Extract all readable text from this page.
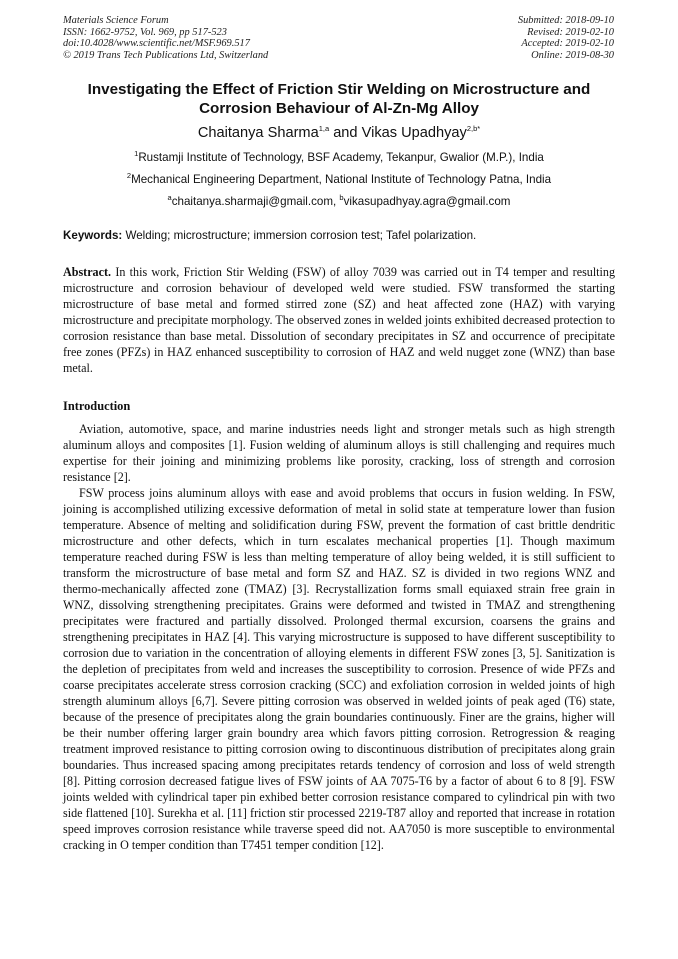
Materials Science Forum
ISSN: 1662-9752, Vol. 969, pp 517-523
doi:10.4028/www.scientific.net/MSF.969.517
© 2019 Trans Tech Publications Ltd, Switzerland
Submitted: 2018-09-10
Revised: 2019-02-10
Accepted: 2019-02-10
Online: 2019-08-30
Investigating the Effect of Friction Stir Welding on Microstructure and
Corrosion Behaviour of Al-Zn-Mg Alloy
Chaitanya Sharma$^{1,a}$ and Vikas Upadhyay$^{2,b*}$
$^1$Rustamji Institute of Technology, BSF Academy, Tekanpur, Gwalior (M.P.), India
$^2$Mechanical Engineering Department, National Institute of Technology Patna, India
$^a$chaitanya.sharmaji@gmail.com, $^b$vikasupadhyay.agra@gmail.com
Keywords: Welding; microstructure; immersion corrosion test; Tafel polarization.
Abstract. In this work, Friction Stir Welding (FSW) of alloy 7039 was carried out in T4 temper and resulting microstructure and corrosion behaviour of developed weld were studied. FSW transformed the starting microstructure of base metal and formed stirred zone (SZ) and heat affected zone (HAZ) with varying microstructure and precipitate morphology. The observed zones in welded joints exhibited decreased protection to corrosion resistance than base metal. Dissolution of secondary precipitates in SZ and occurrence of precipitate free zones (PFZs) in HAZ enhanced susceptibility to corrosion of HAZ and weld nugget zone (WNZ) than base metal.
Introduction
Aviation, automotive, space, and marine industries needs light and stronger metals such as high strength aluminum alloys and composites [1]. Fusion welding of aluminum alloys is still challenging and requires much expertise for their joining and minimizing problems like porosity, cracking, loss of strength and corrosion resistance [2].
FSW process joins aluminum alloys with ease and avoid problems that occurs in fusion welding. In FSW, joining is accomplished utilizing excessive deformation of metal in solid state at temperature lower than fusion temperature. Absence of melting and solidification during FSW, prevent the formation of cast brittle dendritic microstructure and other defects, which in turn escalates mechanical properties [1]. Though maximum temperature reached during FSW is less than melting temperature of alloy being welded, it is still sufficient to transform the microstructure of base metal and form SZ and HAZ. SZ is divided in two regions WNZ and thermo-mechanically affected zone (TMAZ) [3]. Recrystallization forms small equiaxed strain free grain in WNZ, dissolving strengthening precipitates. Grains were deformed and twisted in TMAZ and strengthening precipitates were fractured and partially dissolved. Prolonged thermal excursion, coarsens the grains and strengthening precipitates in HAZ [4]. This varying microstructure is supposed to have different susceptibility to corrosion due to variation in the concentration of alloying elements in different FSW zones [3, 5]. Sanitization is the depletion of precipitates from weld and increases the susceptibility to corrosion. Presence of wide PFZs and coarse precipitates accelerate stress corrosion cracking (SCC) and exfoliation corrosion in welded joints of high strength aluminum alloys [6,7]. Severe pitting corrosion was observed in welded joints of peak aged (T6) state, because of the presence of precipitates along the grain boundaries continuously. Finer are the grains, higher will be their number offering larger grain boundry area which favors pitting corrosion. Retrogression & reaging treatment improved resistance to pitting corrosion owing to discontinuous distribution of precipitates along grain boundaries. Thus increased spacing among precipitates retards tendency of corrosion and loss of weld strength [8]. Pitting corrosion decreased fatigue lives of FSW joints of AA 7075-T6 by a factor of about 6 to 8 [9]. FSW joints welded with cylindrical taper pin exhibed better corrosion resistance compared to cylindrical pin with two side flattened [10]. Surekha et al. [11] friction stir processed 2219-T87 alloy and reported that increase in rotation speed improves corrosion resistance while traverse speed did not. AA7050 is more susceptible to environmental cracking in O temper condition than T7451 temper condition [12].
